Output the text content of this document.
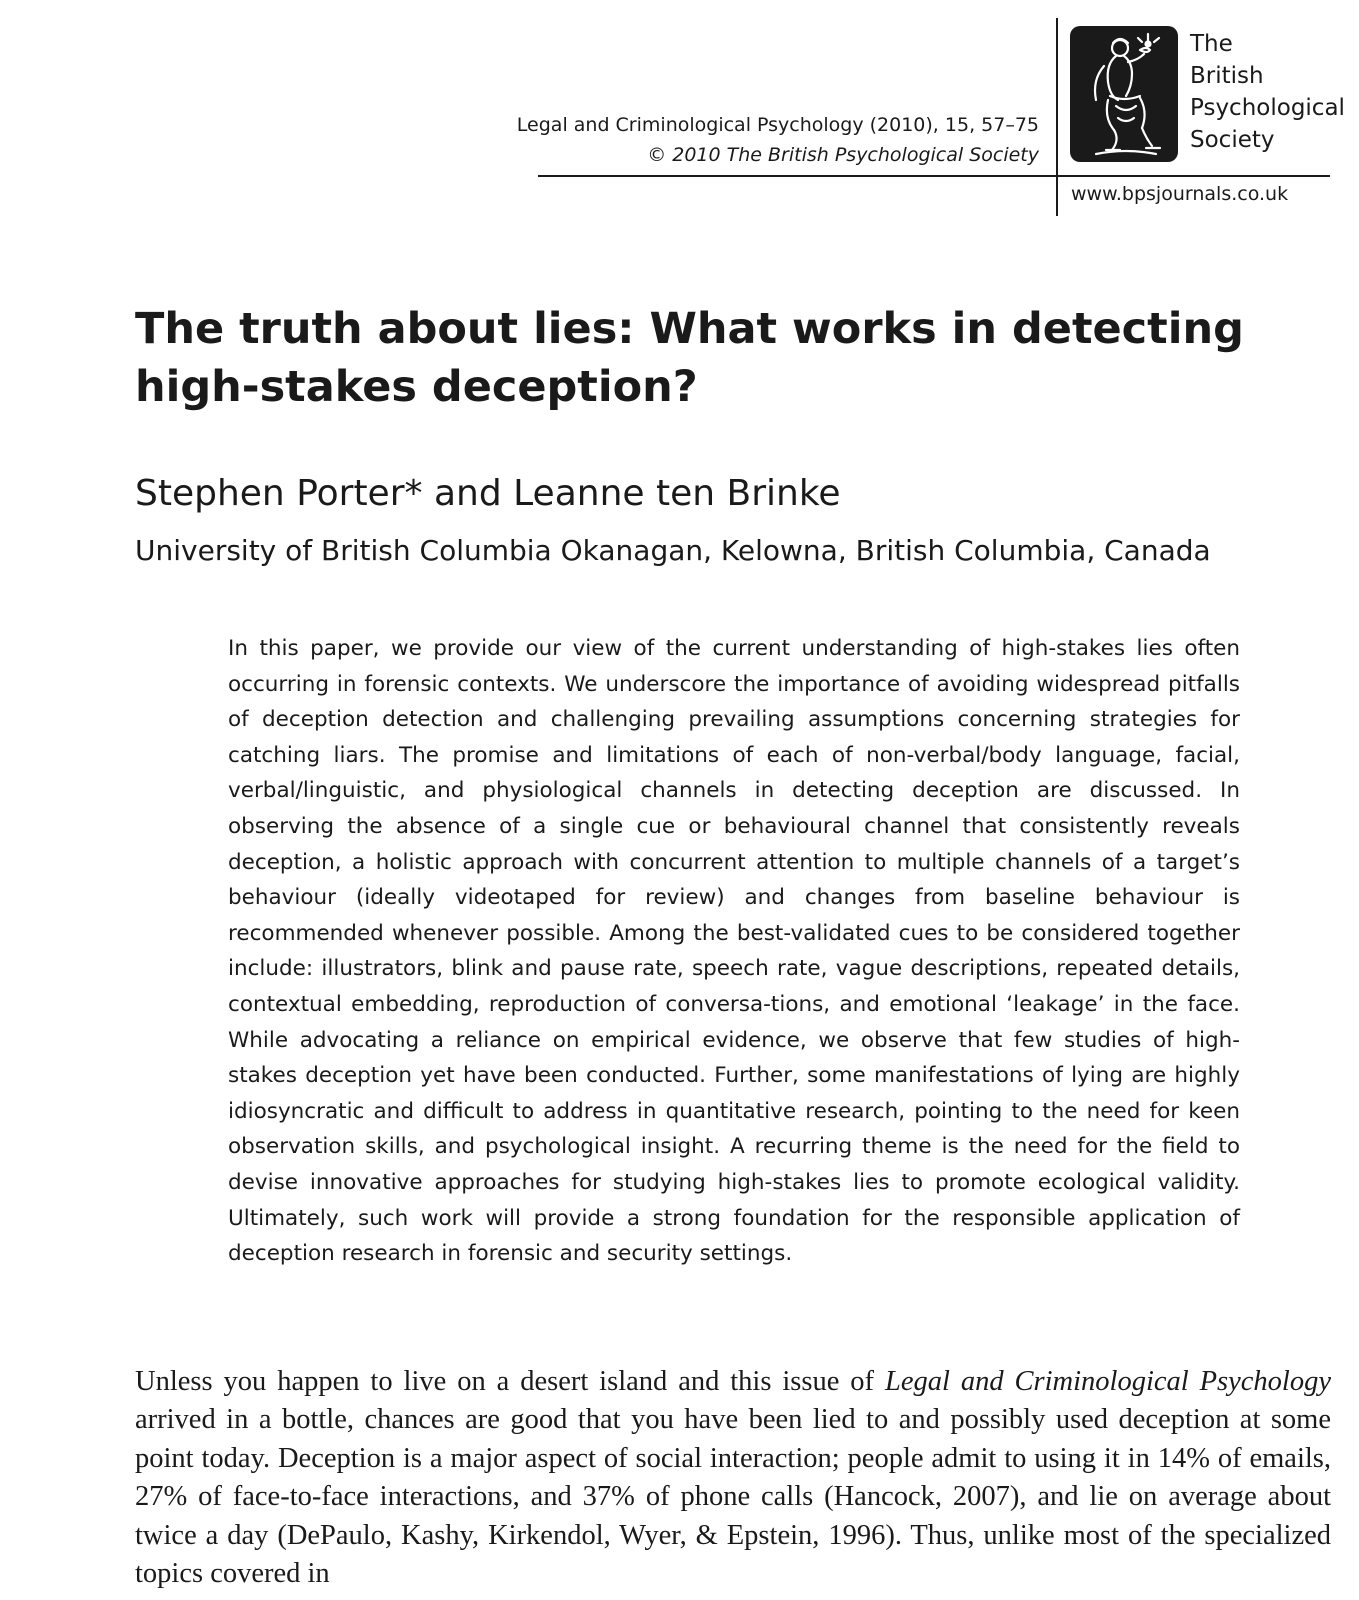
Legal and Criminological Psychology (2010), 15, 57–75
© 2010 The British Psychological Society
The
British
Psychological
Society
www.bpsjournals.co.uk
The truth about lies: What works in detecting
high-stakes deception?
Stephen Porter* and Leanne ten Brinke
University of British Columbia Okanagan, Kelowna, British Columbia, Canada

In this paper, we provide our view of the current understanding of high-stakes lies often occurring in forensic contexts. We underscore the importance of avoiding widespread pitfalls of deception detection and challenging prevailing assumptions concerning strategies for catching liars. The promise and limitations of each of non-verbal/body language, facial, verbal/linguistic, and physiological channels in detecting deception are discussed. In observing the absence of a single cue or behavioural channel that consistently reveals deception, a holistic approach with concurrent attention to multiple channels of a target’s behaviour (ideally videotaped for review) and changes from baseline behaviour is recommended whenever possible. Among the best-validated cues to be considered together include: illustrators, blink and pause rate, speech rate, vague descriptions, repeated details, contextual embedding, reproduction of conversa-tions, and emotional ‘leakage’ in the face. While advocating a reliance on empirical evidence, we observe that few studies of high-stakes deception yet have been conducted. Further, some manifestations of lying are highly idiosyncratic and difficult to address in quantitative research, pointing to the need for keen observation skills, and psychological insight. A recurring theme is the need for the field to devise innovative approaches for studying high-stakes lies to promote ecological validity. Ultimately, such work will provide a strong foundation for the responsible application of deception research in forensic and security settings.

Unless you happen to live on a desert island and this issue of Legal and Criminological Psychology arrived in a bottle, chances are good that you have been lied to and possibly used deception at some point today. Deception is a major aspect of social interaction; people admit to using it in 14% of emails, 27% of face-to-face interactions, and 37% of phone calls (Hancock, 2007), and lie on average about twice a day (DePaulo, Kashy, Kirkendol, Wyer, & Epstein, 1996). Thus, unlike most of the specialized topics covered in
